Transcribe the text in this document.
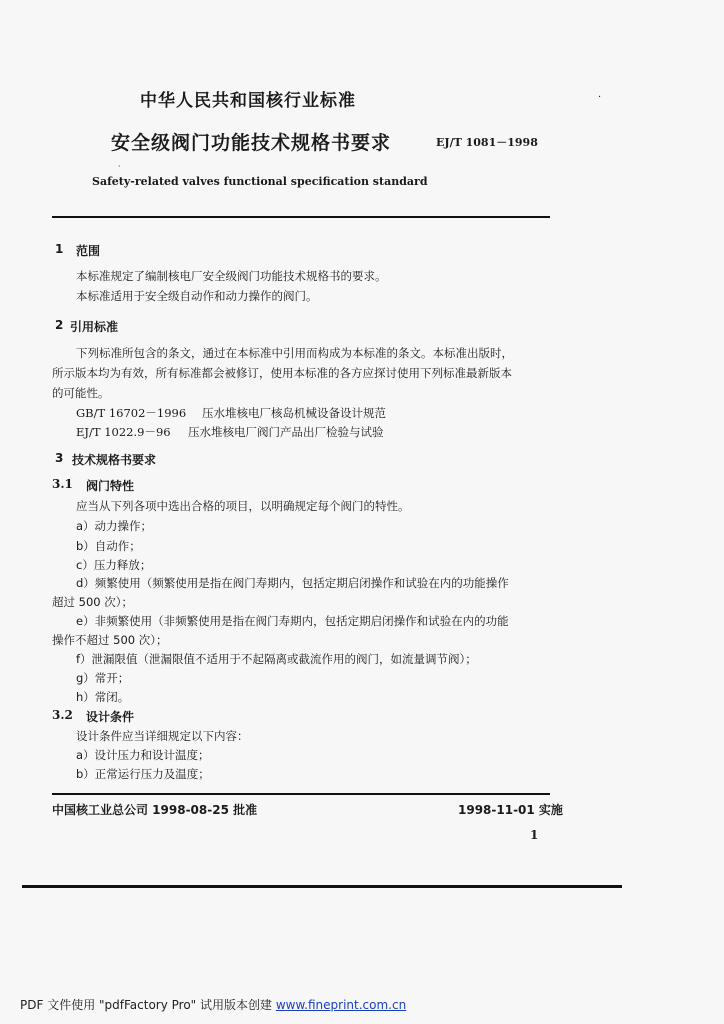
中华人民共和国核行业标准	·
安全级阀门功能技术规格书要求	EJ/T 1081－1998
·
Safety-related valves functional specification standard
1 范围
本标准规定了编制核电厂安全级阀门功能技术规格书的要求。
本标准适用于安全级自动作和动力操作的阀门。
2 引用标准
下列标准所包含的条文，通过在本标准中引用而构成为本标准的条文。本标准出版时，
所示版本均为有效，所有标准都会被修订，使用本标准的各方应探讨使用下列标准最新版本
的可能性。
GB/T 16702－1996 压水堆核电厂核岛机械设备设计规范
EJ/T 1022.9－96 压水堆核电厂阀门产品出厂检验与试验
3 技术规格书要求
3.1 阀门特性
应当从下列各项中选出合格的项目，以明确规定每个阀门的特性。
a）动力操作；
b）自动作；
c）压力释放；
d）频繁使用（频繁使用是指在阀门寿期内，包括定期启闭操作和试验在内的功能操作
超过 500 次）；
e）非频繁使用（非频繁使用是指在阀门寿期内，包括定期启闭操作和试验在内的功能
操作不超过 500 次）；
f）泄漏限值（泄漏限值不适用于不起隔离或截流作用的阀门，如流量调节阀）；
g）常开；
h）常闭。
3.2 设计条件
设计条件应当详细规定以下内容：
a）设计压力和设计温度；
b）正常运行压力及温度；
中国核工业总公司 1998-08-25 批准	1998-11-01 实施
1
PDF 文件使用 "pdfFactory Pro" 试用版本创建 www.fineprint.com.cn
